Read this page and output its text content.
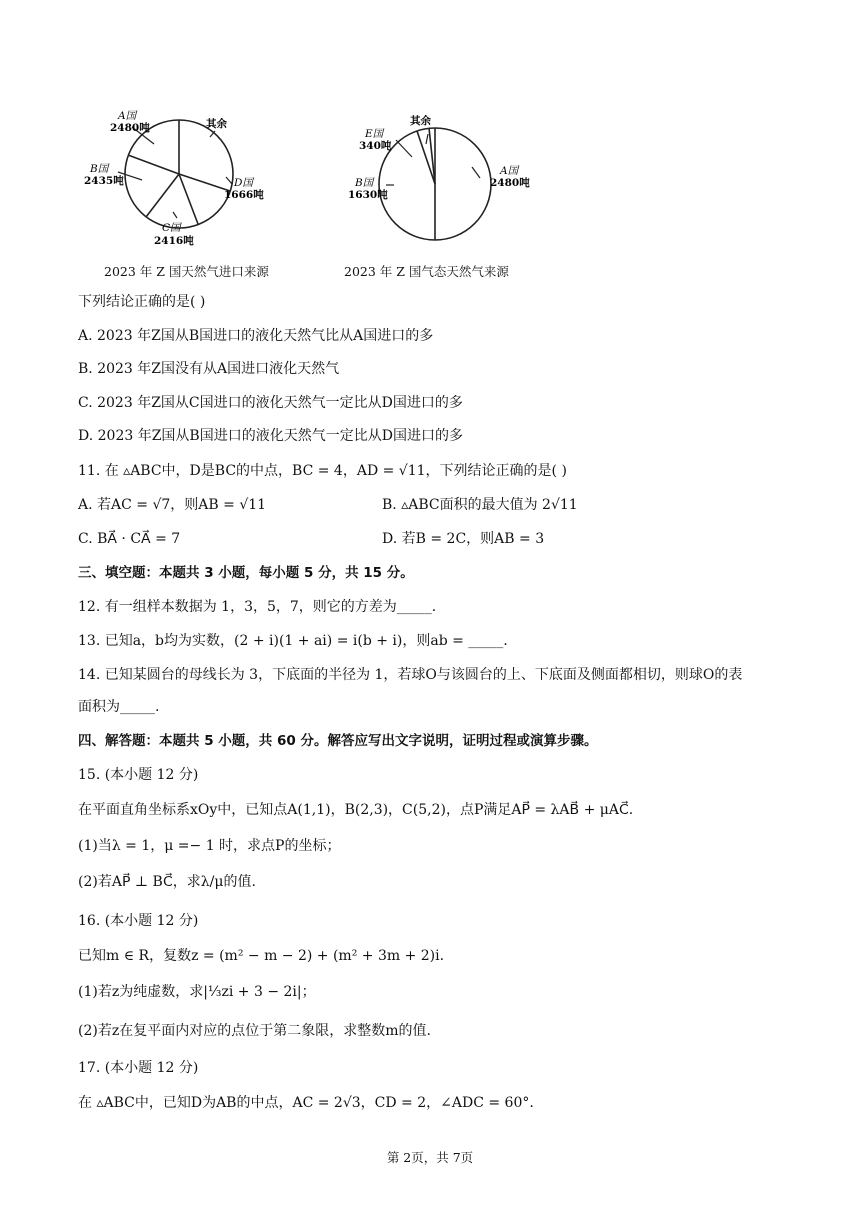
A国
2480吨
B国
2435吨
C国
2416吨
D国
1666吨
其余
2023 年 Z 国天然气进口来源
E国
340吨
B国
1630吨
A国
2480吨
其余
2023 年 Z 国气态天然气来源
下列结论正确的是( )
A. 2023 年Z国从B国进口的液化天然气比从A国进口的多
B. 2023 年Z国没有从A国进口液化天然气
C. 2023 年Z国从C国进口的液化天然气一定比从D国进口的多
D. 2023 年Z国从B国进口的液化天然气一定比从D国进口的多
11. 在 ▵ABC中，D是BC的中点，BC = 4，AD = √11，下列结论正确的是( )
A. 若AC = √7，则AB = √11	B. ▵ABC面积的最大值为 2√11
C. BA⃗ · CA⃗ = 7	D. 若B = 2C，则AB = 3
三、填空题：本题共 3 小题，每小题 5 分，共 15 分。
12. 有一组样本数据为 1，3，5，7，则它的方差为_____.
13. 已知a，b均为实数，(2 + i)(1 + ai) = i(b + i)，则ab = _____.
14. 已知某圆台的母线长为 3，下底面的半径为 1，若球O与该圆台的上、下底面及侧面都相切，则球O的表
面积为_____.
四、解答题：本题共 5 小题，共 60 分。解答应写出文字说明，证明过程或演算步骤。
15. (本小题 12 分)
在平面直角坐标系xOy中，已知点A(1,1)，B(2,3)，C(5,2)，点P满足AP⃗ = λAB⃗ + μAC⃗.
(1)当λ = 1，μ =− 1 时，求点P的坐标；
(2)若AP⃗ ⊥ BC⃗，求λ/μ的值.
16. (本小题 12 分)
已知m ∈ R，复数z = (m² − m − 2) + (m² + 3m + 2)i.
(1)若z为纯虚数，求|⅓zi + 3 − 2i|；
(2)若z在复平面内对应的点位于第二象限，求整数m的值.
17. (本小题 12 分)
在 ▵ABC中，已知D为AB的中点，AC = 2√3，CD = 2，∠ADC = 60°.
第 2页，共 7页
